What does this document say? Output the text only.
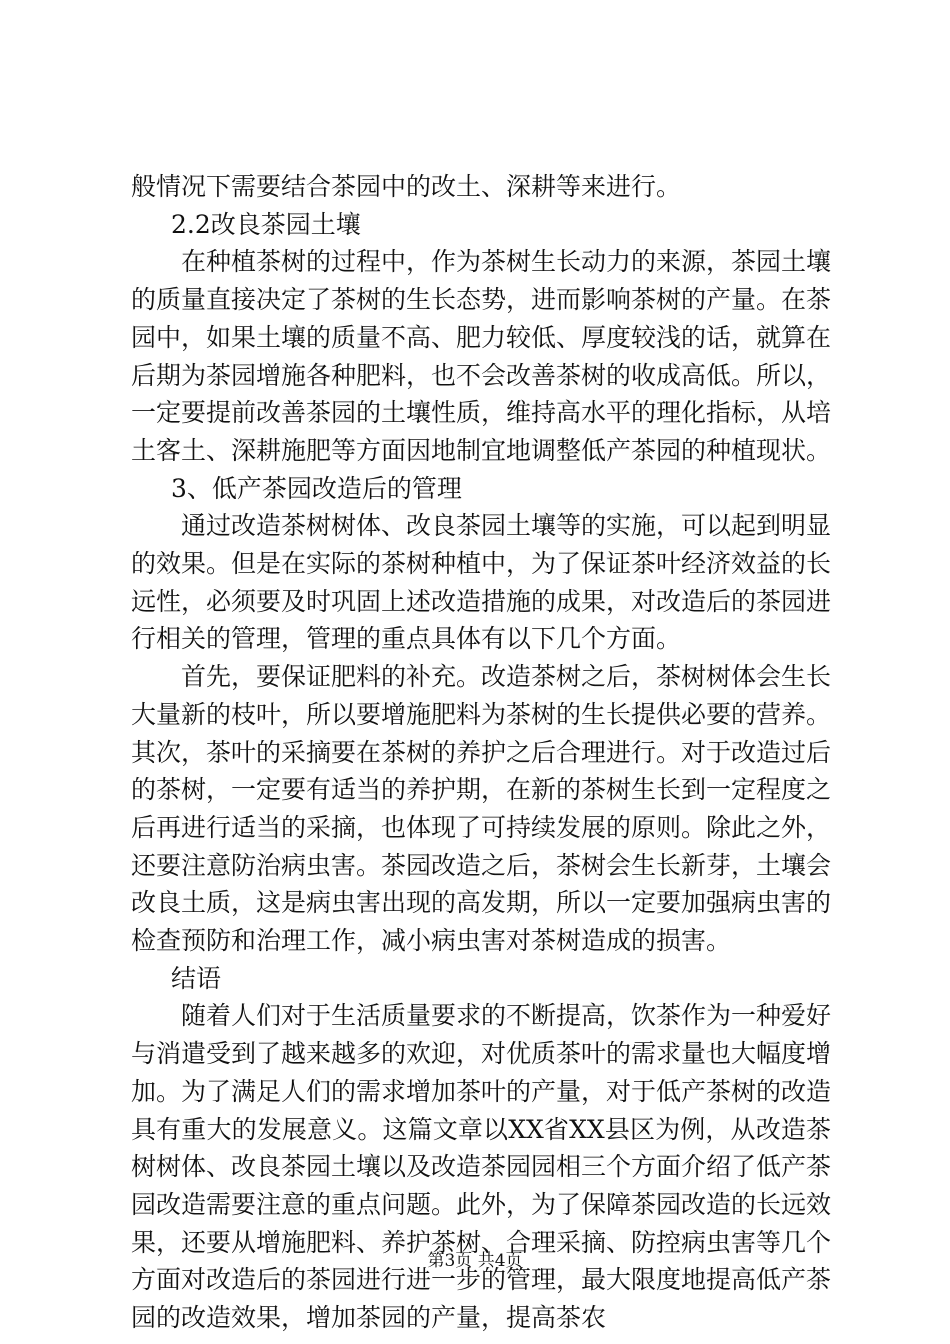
般情况下需要结合茶园中的改土、深耕等来进行。

2.2改良茶园土壤

在种植茶树的过程中，作为茶树生长动力的来源，茶园土壤的质量直接决定了茶树的生长态势，进而影响茶树的产量。在茶园中，如果土壤的质量不高、肥力较低、厚度较浅的话，就算在后期为茶园增施各种肥料，也不会改善茶树的收成高低。所以，一定要提前改善茶园的土壤性质，维持高水平的理化指标，从培土客土、深耕施肥等方面因地制宜地调整低产茶园的种植现状。

3、低产茶园改造后的管理

通过改造茶树树体、改良茶园土壤等的实施，可以起到明显的效果。但是在实际的茶树种植中，为了保证茶叶经济效益的长远性，必须要及时巩固上述改造措施的成果，对改造后的茶园进行相关的管理，管理的重点具体有以下几个方面。

首先，要保证肥料的补充。改造茶树之后，茶树树体会生长大量新的枝叶，所以要增施肥料为茶树的生长提供必要的营养。其次，茶叶的采摘要在茶树的养护之后合理进行。对于改造过后的茶树，一定要有适当的养护期，在新的茶树生长到一定程度之后再进行适当的采摘，也体现了可持续发展的原则。除此之外，还要注意防治病虫害。茶园改造之后，茶树会生长新芽，土壤会改良土质，这是病虫害出现的高发期，所以一定要加强病虫害的检查预防和治理工作，减小病虫害对茶树造成的损害。

结语

随着人们对于生活质量要求的不断提高，饮茶作为一种爱好与消遣受到了越来越多的欢迎，对优质茶叶的需求量也大幅度增加。为了满足人们的需求增加茶叶的产量，对于低产茶树的改造具有重大的发展意义。这篇文章以XX省XX县区为例，从改造茶树树体、改良茶园土壤以及改造茶园园相三个方面介绍了低产茶园改造需要注意的重点问题。此外，为了保障茶园改造的长远效果，还要从增施肥料、养护茶树、合理采摘、防控病虫害等几个方面对改造后的茶园进行进一步的管理，最大限度地提高低产茶园的改造效果，增加茶园的产量，提高茶农

第3页 共4页
